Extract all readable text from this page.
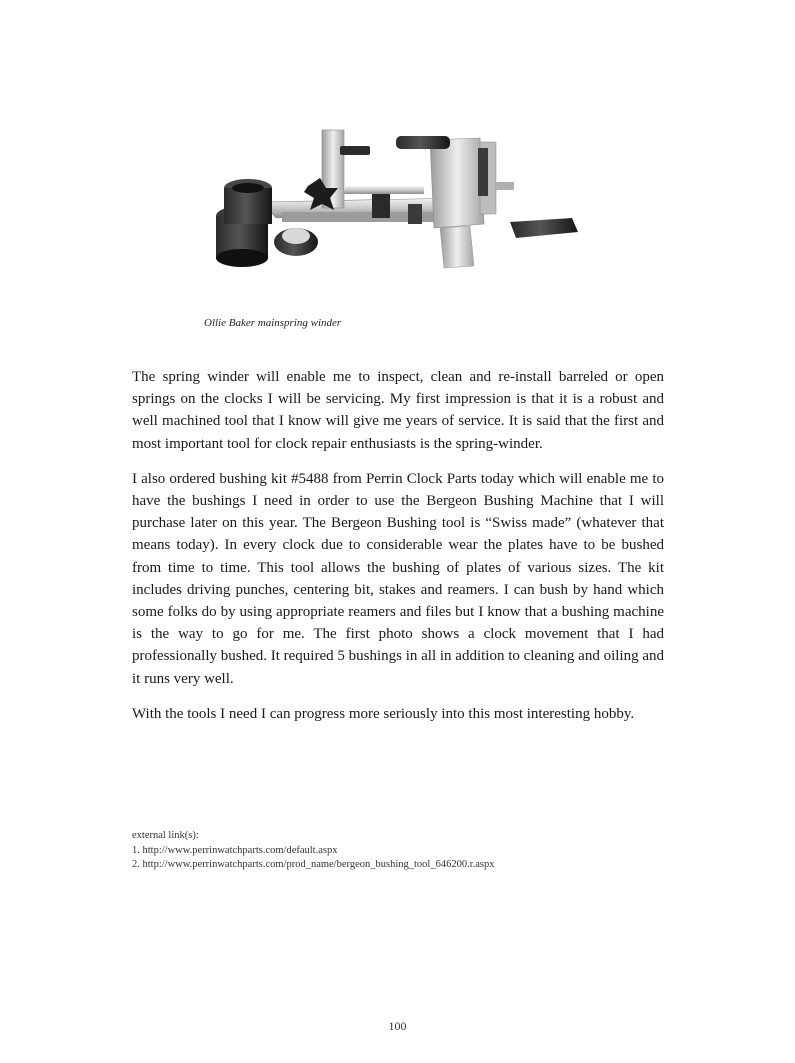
Ollie Baker mainspring winder

The spring winder will enable me to inspect, clean and re-install barreled or open springs on the clocks I will be servicing. My first impression is that it is a robust and well machined tool that I know will give me years of service. It is said that the first and most important tool for clock repair enthusiasts is the spring-winder.

I also ordered bushing kit #5488 from Perrin Clock Parts today which will enable me to have the bushings I need in order to use the Bergeon Bushing Machine that I will purchase later on this year. The Bergeon Bushing tool is “Swiss made” (whatever that means today). In every clock due to considerable wear the plates have to be bushed from time to time. This tool allows the bushing of plates of various sizes. The kit includes driving punches, centering bit, stakes and reamers. I can bush by hand which some folks do by using appropriate reamers and files but I know that a bushing machine is the way to go for me. The first photo shows a clock movement that I had professionally bushed. It required 5 bushings in all in addition to cleaning and oiling and it runs very well.

With the tools I need I can progress more seriously into this most interesting hobby.

external link(s):
1. http://www.perrinwatchparts.com/default.aspx
2. http://www.perrinwatchparts.com/prod_name/bergeon_bushing_tool_646200.r.aspx
100
